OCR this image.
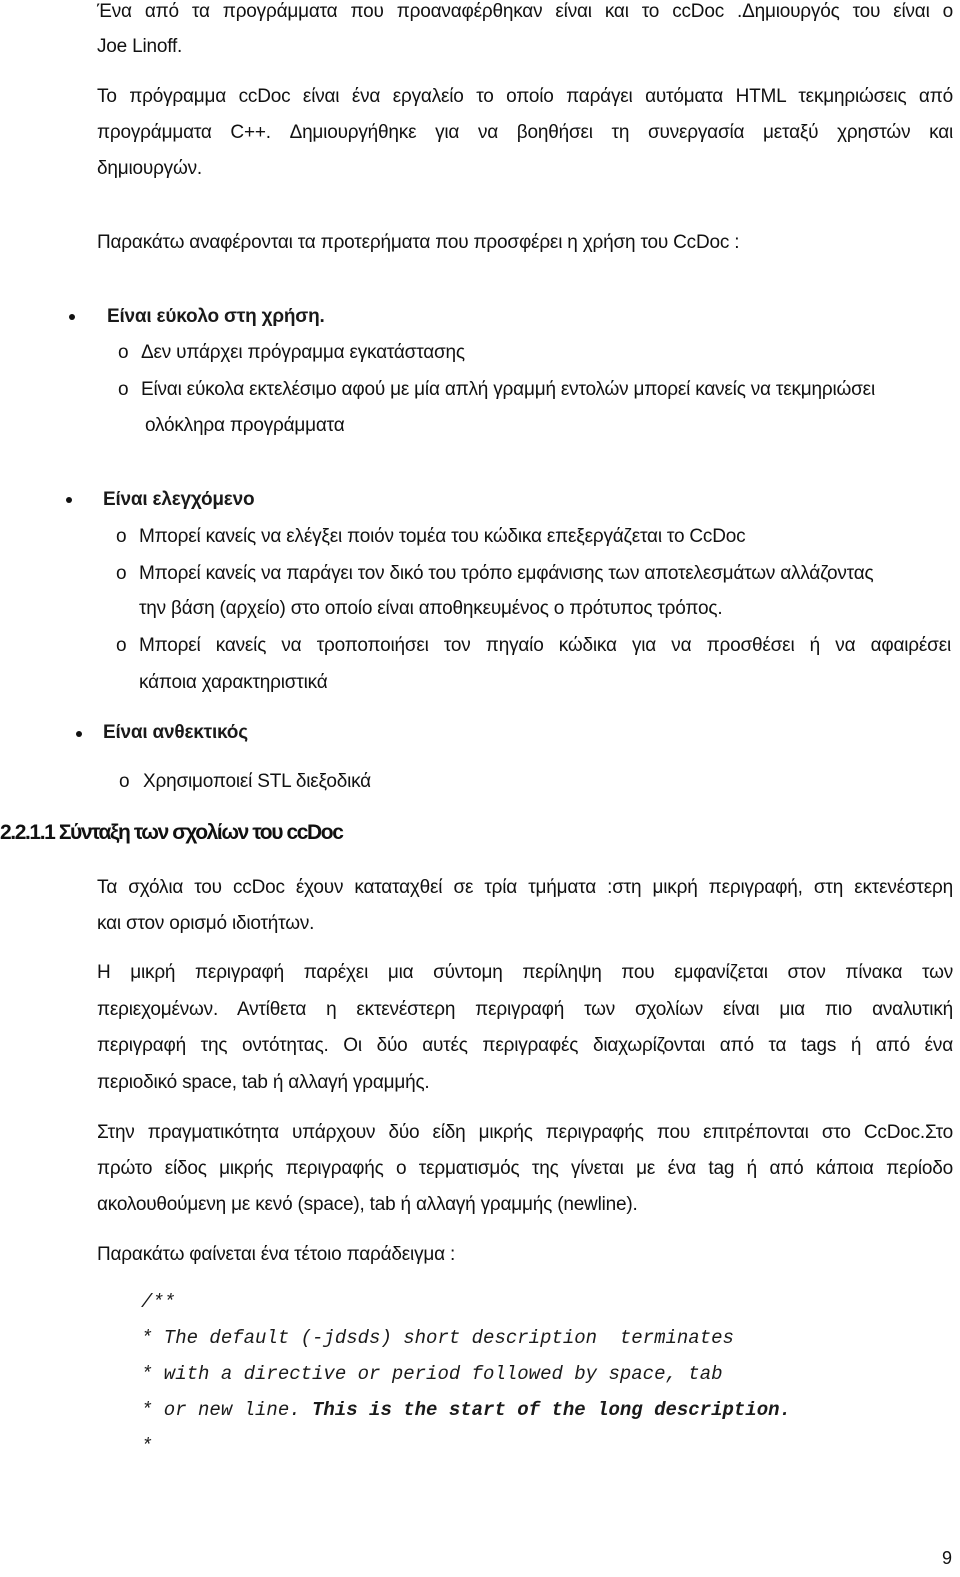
Ένα από τα προγράμματα που προαναφέρθηκαν είναι και το ccDoc .Δημιουργός του είναι ο
Joe Linoff.
Το πρόγραμμα ccDoc είναι ένα εργαλείο το οποίο παράγει αυτόματα HTML τεκμηριώσεις από
προγράμματα C++. Δημιουργήθηκε για να βοηθήσει τη συνεργασία μεταξύ χρηστών και
δημιουργών.
Παρακάτω αναφέρονται τα προτερήματα που προσφέρει η χρήση του CcDoc :
Είναι εύκολο στη χρήση.
o Δεν υπάρχει πρόγραμμα εγκατάστασης
o Είναι εύκολα εκτελέσιμο αφού με μία απλή γραμμή εντολών μπορεί κανείς να τεκμηριώσει
ολόκληρα προγράμματα
Είναι ελεγχόμενο
o Μπορεί κανείς να ελέγξει ποιόν τομέα του κώδικα επεξεργάζεται το CcDoc
o Μπορεί κανείς να παράγει τον δικό του τρόπο εμφάνισης των αποτελεσμάτων αλλάζοντας
την βάση (αρχείο) στο οποίο είναι αποθηκευμένος ο πρότυπος τρόπος.
o Μπορεί κανείς να τροποποιήσει τον πηγαίο κώδικα για να προσθέσει ή να αφαιρέσει
κάποια χαρακτηριστικά
Είναι ανθεκτικός
o Χρησιμοποιεί STL διεξοδικά
2.2.1.1 Σύνταξη των σχολίων του ccDoc
Τα σχόλια του ccDoc έχουν καταταχθεί σε τρία τμήματα :στη μικρή περιγραφή, στη εκτενέστερη
και στον ορισμό ιδιοτήτων.
Η μικρή περιγραφή παρέχει μια σύντομη περίληψη που εμφανίζεται στον πίνακα των
περιεχομένων. Αντίθετα η εκτενέστερη περιγραφή των σχολίων είναι μια πιο αναλυτική
περιγραφή της οντότητας. Οι δύο αυτές περιγραφές διαχωρίζονται από τα tags ή από ένα
περιοδικό space, tab ή αλλαγή γραμμής.
Στην πραγματικότητα υπάρχουν δύο είδη μικρής περιγραφής που επιτρέπονται στο CcDoc.Στο
πρώτο είδος μικρής περιγραφής ο τερματισμός της γίνεται με ένα tag ή από κάποια περίοδο
ακολουθούμενη με κενό (space), tab ή αλλαγή γραμμής (newline).
Παρακάτω φαίνεται ένα τέτοιο παράδειγμα :
/**
* The default (-jdsds) short description  terminates
* with a directive or period followed by space, tab
* or new line. This is the start of the long description.
*
9
